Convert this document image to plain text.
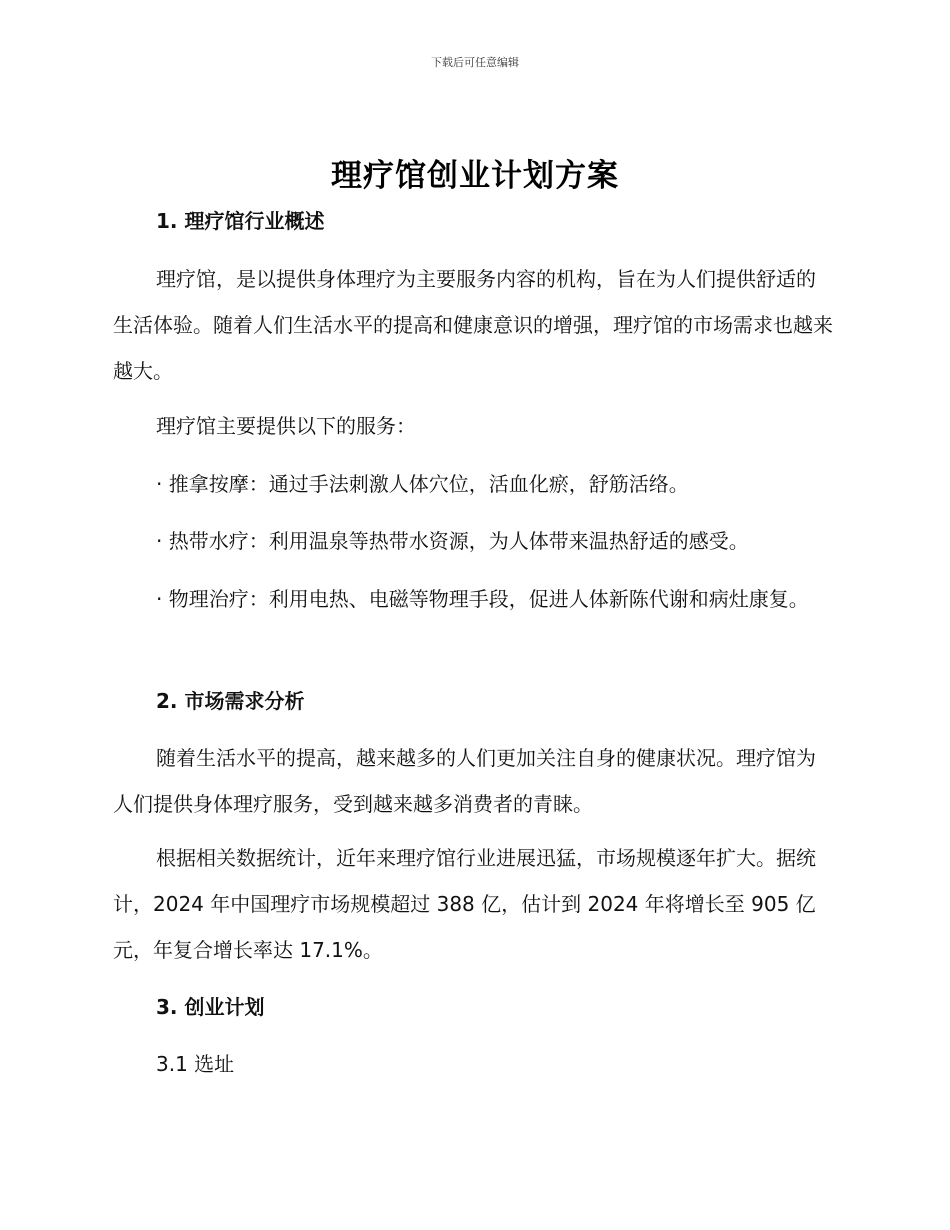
下载后可任意编辑
理疗馆创业计划方案
1. 理疗馆行业概述
理疗馆，是以提供身体理疗为主要服务内容的机构，旨在为人们提供舒适的生活体验。随着人们生活水平的提高和健康意识的增强，理疗馆的市场需求也越来越大。
理疗馆主要提供以下的服务：
· 推拿按摩：通过手法刺激人体穴位，活血化瘀，舒筋活络。
· 热带水疗：利用温泉等热带水资源，为人体带来温热舒适的感受。
· 物理治疗：利用电热、电磁等物理手段，促进人体新陈代谢和病灶康复。
2. 市场需求分析
随着生活水平的提高，越来越多的人们更加关注自身的健康状况。理疗馆为人们提供身体理疗服务，受到越来越多消费者的青睐。
根据相关数据统计，近年来理疗馆行业进展迅猛，市场规模逐年扩大。据统计，2024 年中国理疗市场规模超过 388 亿，估计到 2024 年将增长至 905 亿元，年复合增长率达 17.1%。
3. 创业计划
3.1 选址
